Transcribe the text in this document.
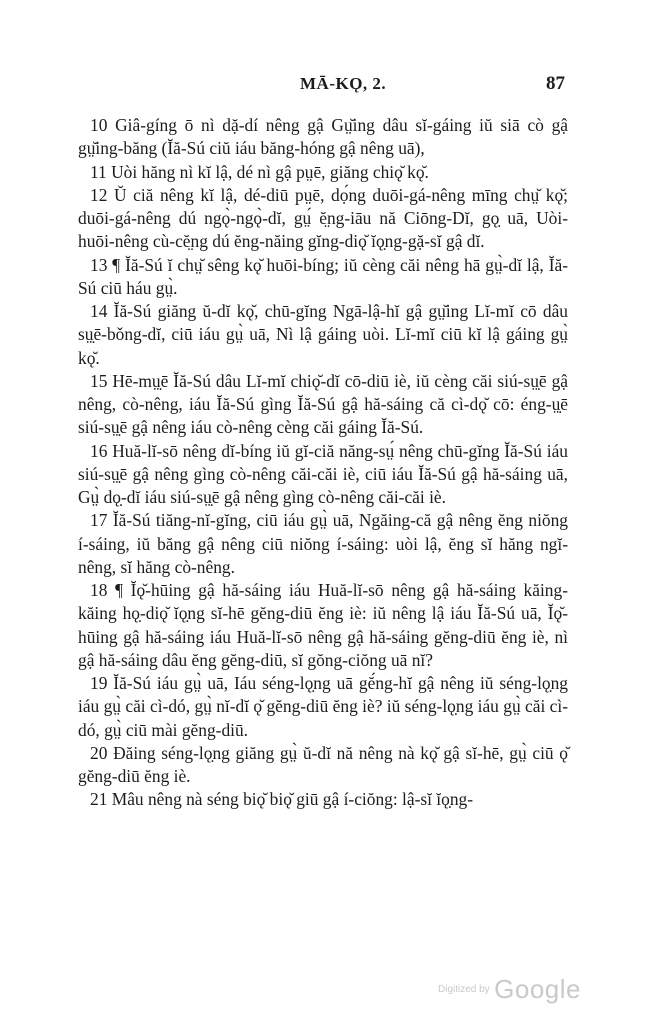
MĀ-KǪ, 2.	87

10 Giâ-gíng ō nì dặ-dí nêng gậ Gṳ̆ing dâu sĭ-gáing iŭ siā cò gậ gṳ̆ing-băng (Ĭă-Sú ciŭ iáu băng-hóng gậ nêng uā),

11 Uòi hăng nì kĭ lậ, dé nì gậ pṳē, giăng chiǫ̆ kǫ̆.

12 Ŭ ciă nêng kĭ lậ, dé-diū pṳē, dọ́ng duōi-gá-nêng mīng chṳ̆ kǫ̆; duōi-gá-nêng dú ngǫ̀-ngǫ̀-dĭ, gṳ́ ĕ̤ng-iāu nă Ciōng-Dĭ, gǫ̣ uā, Uòi-huōi-nêng cù-cĕ̤ng dú ĕng-năing gĭng-diǫ̆ ĭǫ̣ng-gặ-sĭ gậ dĭ.

13 ¶ Ĭă-Sú ĭ chṳ̆ sêng kǫ̆ huōi-bíng; iŭ cèng căi nêng hā gṳ̀-dĭ lậ, Ĭă-Sú ciū háu gṳ̀.

14 Ĭă-Sú giăng ŭ-dĭ kǫ̆, chū-gĭng Ngā-lậ-hĭ gậ gṳ̆ing Lĭ-mĭ cō dâu sṳ̣ē-bǒng-dĭ, ciū iáu gṳ̀ uā, Nì lậ gáing uòi. Lĭ-mĭ ciū kĭ lậ gáing gṳ̀ kǫ̆.

15 Hē-mṳ̣ē Ĭă-Sú dâu Lĭ-mĭ chiǫ̆-dĭ cō-diū iè, iŭ cèng căi siú-sṳ̣ē gậ nêng, cò-nêng, iáu Ĭă-Sú gìng Ĭă-Sú gậ hă-sáing că cì-dǫ̆ cō: éng-ṳ̣ē siú-sṳ̣ē gậ nêng iáu cò-nêng cèng căi gáing Ĭă-Sú.

16 Huă-lĭ-sō nêng dĭ-bíng iŭ gĭ-ciă năng-sṳ́ nêng chū-gĭng Ĭă-Sú iáu siú-sṳ̣ē gậ nêng gìng cò-nêng căi-căi iè, ciū iáu Ĭă-Sú gậ hă-sáing uā, Gṳ̀ dǫ̣-dĭ iáu siú-sṳ̣ē gậ nêng gìng cò-nêng căi-căi iè.

17 Ĭă-Sú tiăng-nĭ-gĭng, ciū iáu gṳ̀ uā, Ngăing-că gậ nêng ĕng niŏng í-sáing, iŭ băng gậ nêng ciū niŏng í-sáing: uòi lậ, ĕng sĭ hăng ngĭ-nêng, sĭ hăng cò-nêng.

18 ¶ Ĭǫ̆-hūing gậ hă-sáing iáu Huă-lĭ-sō nêng gậ hă-sáing kăing-kăing hǫ̣-diǫ̆ ĭǫ̣ng sĭ-hē gĕng-diū ĕng iè: iŭ nêng lậ iáu Ĭă-Sú uā, Ĭǫ̆-hūing gậ hă-sáing iáu Huă-lĭ-sō nêng gậ hă-sáing gĕng-diū ĕng iè, nì gậ hă-sáing dâu ĕng gĕng-diū, sĭ gŏng-ciŏng uā nĭ?

19 Ĭă-Sú iáu gṳ̀ uā, Iáu séng-lǫ̣ng uā gĕ́ng-hĭ gậ nêng iŭ séng-lǫ̣ng iáu gṳ̀ căi cì-dó, gṳ̀ nĭ-dĭ ǫ̆ gĕng-diū ĕng iè? iŭ séng-lǫ̣ng iáu gṳ̀ căi cì-dó, gṳ̀ ciū mài gĕng-diū.

20 Đăing séng-lǫ̣ng giăng gṳ̀ ŭ-dĭ nă nêng nà kǫ̆ gậ sĭ-hē, gṳ̀ ciū ǫ̆ gĕng-diū ĕng iè.

21 Mâu nêng nà séng biǫ̆ biǫ̆ giū gậ í-ciŏng: lậ-sĭ ĭǫ̣ng-

Digitized by Google
